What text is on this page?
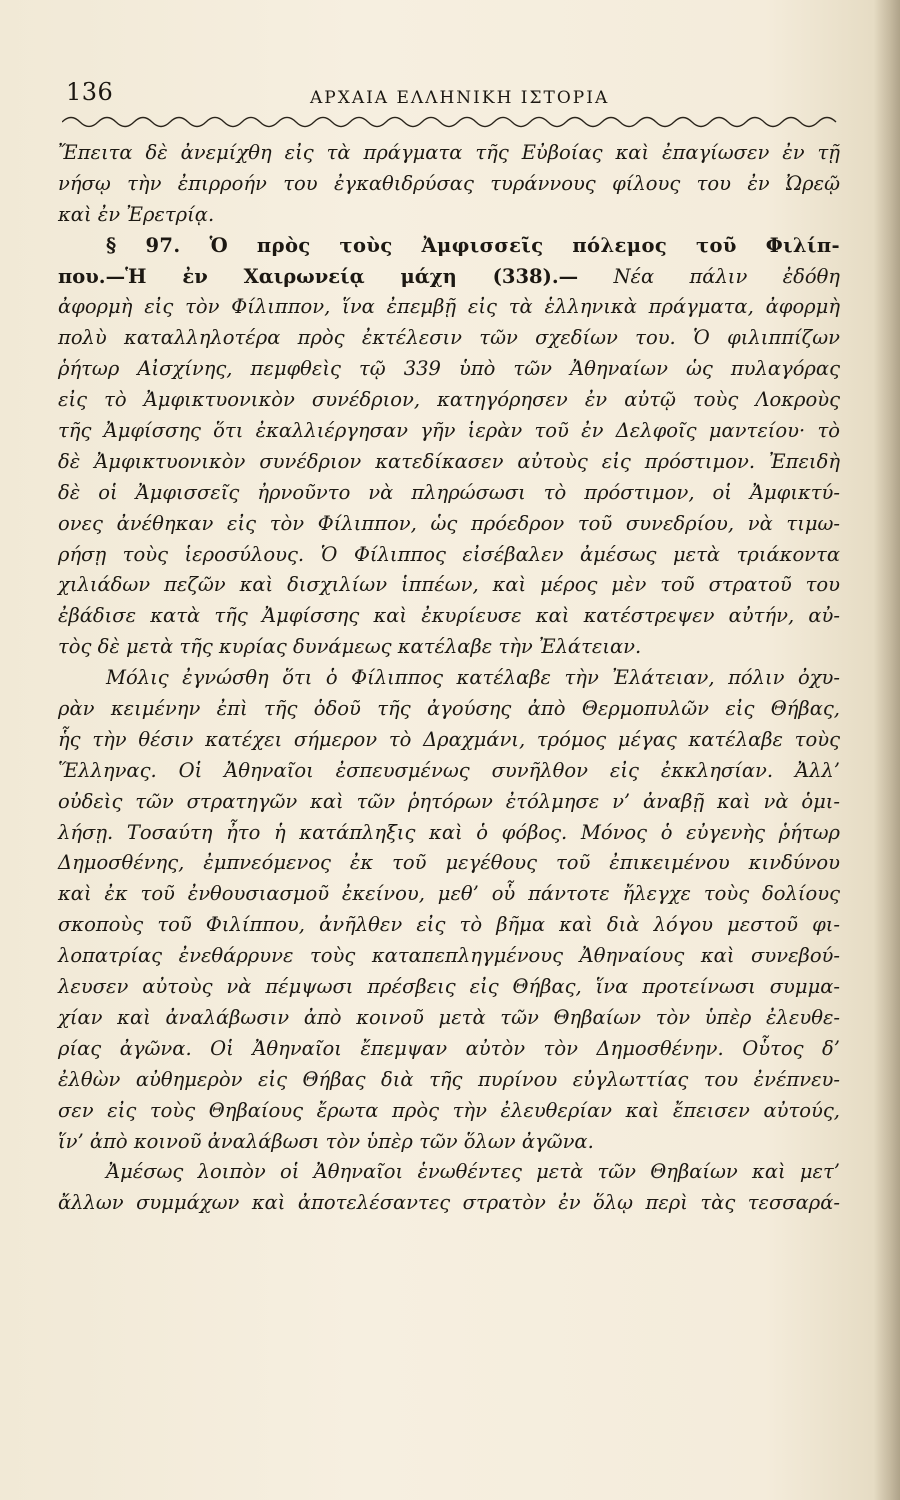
136	ΑΡΧΑΙΑ ΕΛΛΗΝΙΚΗ ΙΣΤΟΡΙΑ
Ἔπειτα δὲ ἀνεμίχθη εἰς τὰ πράγματα τῆς Εὐβοίας καὶ ἐπαγίωσεν ἐν τῇ
νήσῳ τὴν ἐπιρροήν του ἐγκαθιδρύσας τυράννους φίλους του ἐν Ὠρεῷ
καὶ ἐν Ἐρετρίᾳ.
§ 97. Ὁ πρὸς τοὺς Ἀμφισσεῖς πόλεμος τοῦ Φιλίπ-
που.—Ἡ ἐν Χαιρωνείᾳ μάχη (338).— Νέα πάλιν ἐδόθη
ἀφορμὴ εἰς τὸν Φίλιππον, ἵνα ἐπεμβῇ εἰς τὰ ἑλληνικὰ πράγματα, ἀφορμὴ
πολὺ καταλληλοτέρα πρὸς ἐκτέλεσιν τῶν σχεδίων του. Ὁ φιλιππίζων
ῥήτωρ Αἰσχίνης, πεμφθεὶς τῷ 339 ὑπὸ τῶν Ἀθηναίων ὡς πυλαγόρας
εἰς τὸ Ἀμφικτυονικὸν συνέδριον, κατηγόρησεν ἐν αὐτῷ τοὺς Λοκροὺς
τῆς Ἀμφίσσης ὅτι ἐκαλλιέργησαν γῆν ἱερὰν τοῦ ἐν Δελφοῖς μαντείου· τὸ
δὲ Ἀμφικτυονικὸν συνέδριον κατεδίκασεν αὐτοὺς εἰς πρόστιμον. Ἐπειδὴ
δὲ οἱ Ἀμφισσεῖς ἠρνοῦντο νὰ πληρώσωσι τὸ πρόστιμον, οἱ Ἀμφικτύ-
ονες ἀνέθηκαν εἰς τὸν Φίλιππον, ὡς πρόεδρον τοῦ συνεδρίου, νὰ τιμω-
ρήσῃ τοὺς ἱεροσύλους. Ὁ Φίλιππος εἰσέβαλεν ἀμέσως μετὰ τριάκοντα
χιλιάδων πεζῶν καὶ δισχιλίων ἱππέων, καὶ μέρος μὲν τοῦ στρατοῦ του
ἐβάδισε κατὰ τῆς Ἀμφίσσης καὶ ἐκυρίευσε καὶ κατέστρεψεν αὐτήν, αὐ-
τὸς δὲ μετὰ τῆς κυρίας δυνάμεως κατέλαβε τὴν Ἐλάτειαν.
Μόλις ἐγνώσθη ὅτι ὁ Φίλιππος κατέλαβε τὴν Ἐλάτειαν, πόλιν ὀχυ-
ρὰν κειμένην ἐπὶ τῆς ὁδοῦ τῆς ἀγούσης ἀπὸ Θερμοπυλῶν εἰς Θήβας,
ἧς τὴν θέσιν κατέχει σήμερον τὸ Δραχμάνι, τρόμος μέγας κατέλαβε τοὺς
Ἕλληνας. Οἱ Ἀθηναῖοι ἐσπευσμένως συνῆλθον εἰς ἐκκλησίαν. Ἀλλ’
οὐδεὶς τῶν στρατηγῶν καὶ τῶν ῥητόρων ἐτόλμησε ν’ ἀναβῇ καὶ νὰ ὁμι-
λήσῃ. Τοσαύτη ἦτο ἡ κατάπληξις καὶ ὁ φόβος. Μόνος ὁ εὐγενὴς ῥήτωρ
Δημοσθένης, ἐμπνεόμενος ἐκ τοῦ μεγέθους τοῦ ἐπικειμένου κινδύνου
καὶ ἐκ τοῦ ἐνθουσιασμοῦ ἐκείνου, μεθ’ οὗ πάντοτε ἤλεγχε τοὺς δολίους
σκοποὺς τοῦ Φιλίππου, ἀνῆλθεν εἰς τὸ βῆμα καὶ διὰ λόγου μεστοῦ φι-
λοπατρίας ἐνεθάρρυνε τοὺς καταπεπληγμένους Ἀθηναίους καὶ συνεβού-
λευσεν αὐτοὺς νὰ πέμψωσι πρέσβεις εἰς Θήβας, ἵνα προτείνωσι συμμα-
χίαν καὶ ἀναλάβωσιν ἀπὸ κοινοῦ μετὰ τῶν Θηβαίων τὸν ὑπὲρ ἐλευθε-
ρίας ἀγῶνα. Οἱ Ἀθηναῖοι ἔπεμψαν αὐτὸν τὸν Δημοσθένην. Οὗτος δ’
ἐλθὼν αὐθημερὸν εἰς Θήβας διὰ τῆς πυρίνου εὐγλωττίας του ἐνέπνευ-
σεν εἰς τοὺς Θηβαίους ἔρωτα πρὸς τὴν ἐλευθερίαν καὶ ἔπεισεν αὐτούς,
ἵν’ ἀπὸ κοινοῦ ἀναλάβωσι τὸν ὑπὲρ τῶν ὅλων ἀγῶνα.
Ἀμέσως λοιπὸν οἱ Ἀθηναῖοι ἑνωθέντες μετὰ τῶν Θηβαίων καὶ μετ’
ἄλλων συμμάχων καὶ ἀποτελέσαντες στρατὸν ἐν ὅλῳ περὶ τὰς τεσσαρά-
